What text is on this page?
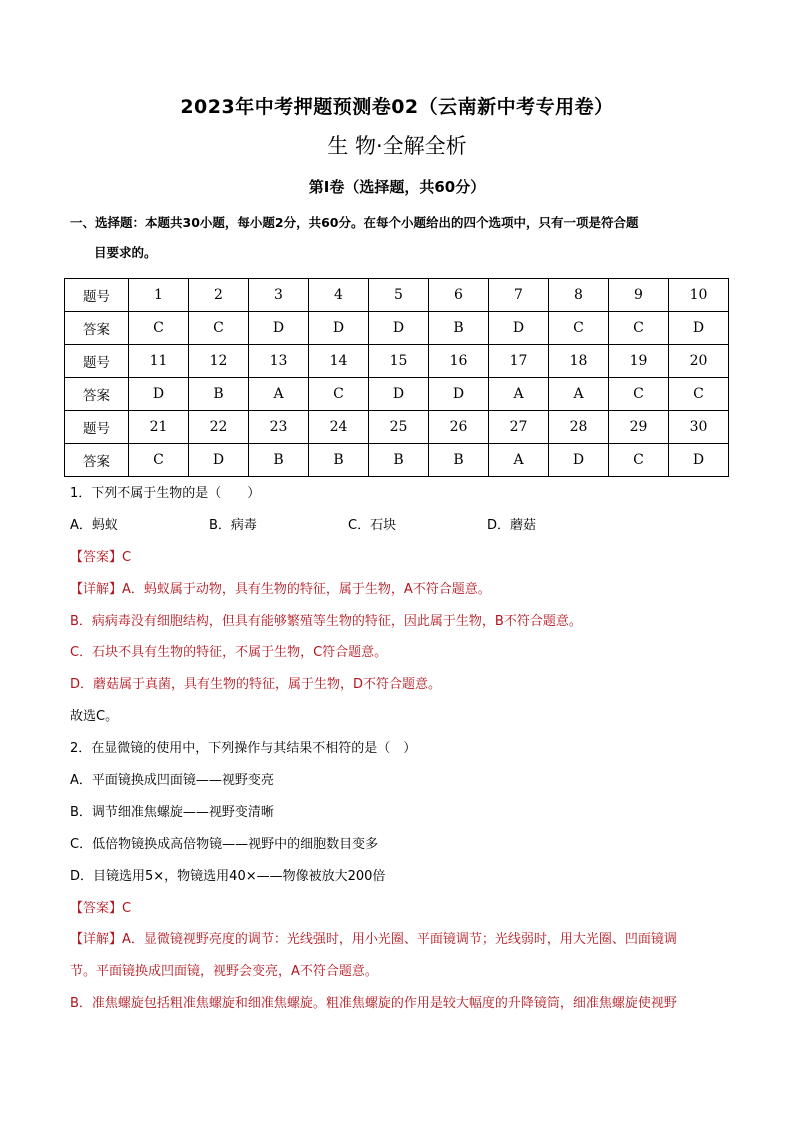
2023年中考押题预测卷02（云南新中考专用卷）
生 物·全解全析
第Ⅰ卷（选择题，共60分）
一、选择题：本题共30小题，每小题2分，共60分。在每个小题给出的四个选项中，只有一项是符合题
目要求的。
题号	1	2	3	4	5	6	7	8	9	10
答案	C	C	D	D	D	B	D	C	C	D
题号	11	12	13	14	15	16	17	18	19	20
答案	D	B	A	C	D	D	A	A	C	C
题号	21	22	23	24	25	26	27	28	29	30
答案	C	D	B	B	B	B	A	D	C	D
1．下列不属于生物的是（　　）
A．蚂蚁	B．病毒	C．石块	D．蘑菇
【答案】C
【详解】A．蚂蚁属于动物，具有生物的特征，属于生物，A不符合题意。
B．病病毒没有细胞结构，但具有能够繁殖等生物的特征，因此属于生物，B不符合题意。
C．石块不具有生物的特征，不属于生物，C符合题意。
D．蘑菇属于真菌，具有生物的特征，属于生物，D不符合题意。
故选C。
2．在显微镜的使用中，下列操作与其结果不相符的是（　）
A．平面镜换成凹面镜——视野变亮
B．调节细准焦螺旋——视野变清晰
C．低倍物镜换成高倍物镜——视野中的细胞数目变多
D．目镜选用5×，物镜选用40×——物像被放大200倍
【答案】C
【详解】A．显微镜视野亮度的调节：光线强时，用小光圈、平面镜调节；光线弱时，用大光圈、凹面镜调
节。平面镜换成凹面镜，视野会变亮，A不符合题意。
B．准焦螺旋包括粗准焦螺旋和细准焦螺旋。粗准焦螺旋的作用是较大幅度的升降镜筒，细准焦螺旋使视野
